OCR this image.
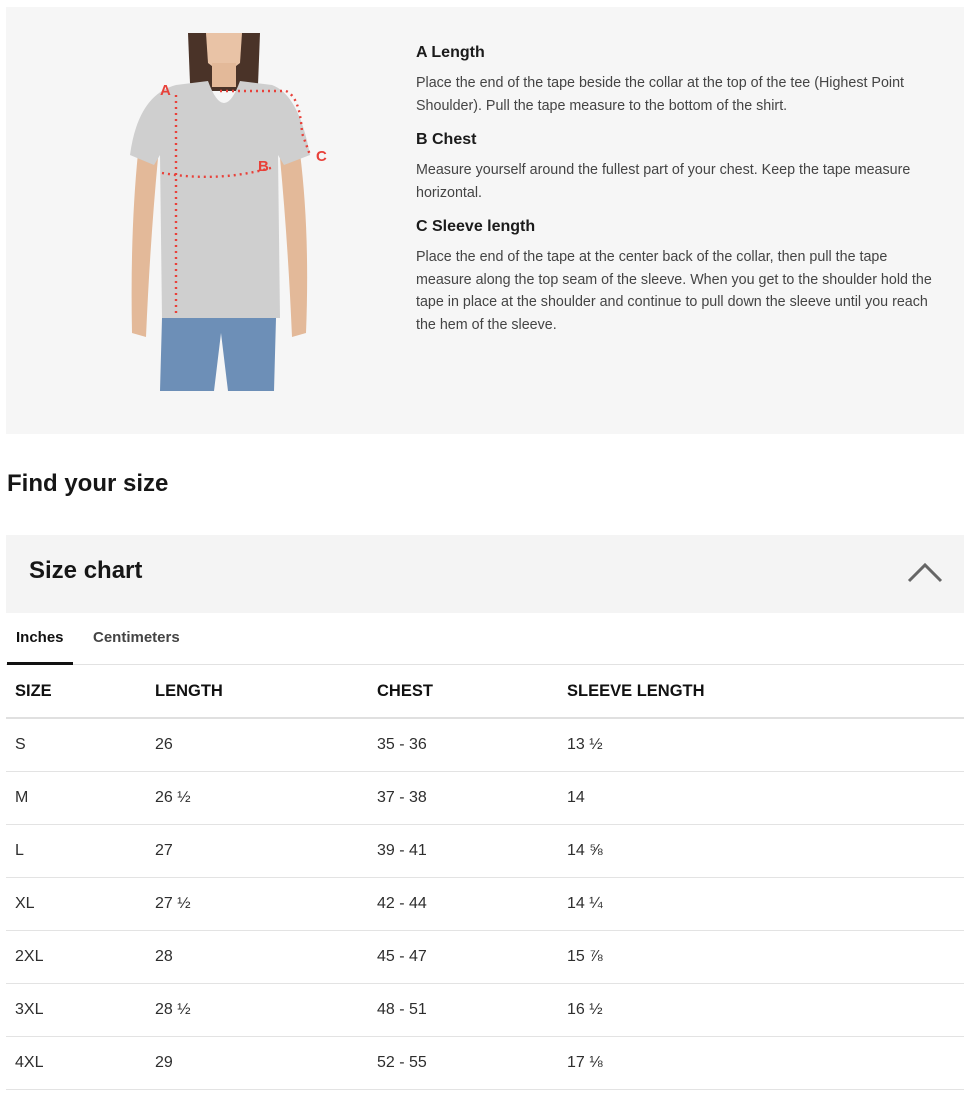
A
B
C
A Length

Place the end of the tape beside the collar at the top of the tee (Highest Point Shoulder). Pull the tape measure to the bottom of the shirt.

B Chest

Measure yourself around the fullest part of your chest. Keep the tape measure horizontal.

C Sleeve length

Place the end of the tape at the center back of the collar, then pull the tape measure along the top seam of the sleeve. When you get to the shoulder hold the tape in place at the shoulder and continue to pull down the sleeve until you reach the hem of the sleeve.

Find your size
Size chart
Inches	Centimeters
SIZE	LENGTH	CHEST	SLEEVE LENGTH
S	26	35 - 36	13 ½
M	26 ½	37 - 38	14
L	27	39 - 41	14 ⅝
XL	27 ½	42 - 44	14 ¼
2XL	28	45 - 47	15 ⅞
3XL	28 ½	48 - 51	16 ½
4XL	29	52 - 55	17 ⅛
